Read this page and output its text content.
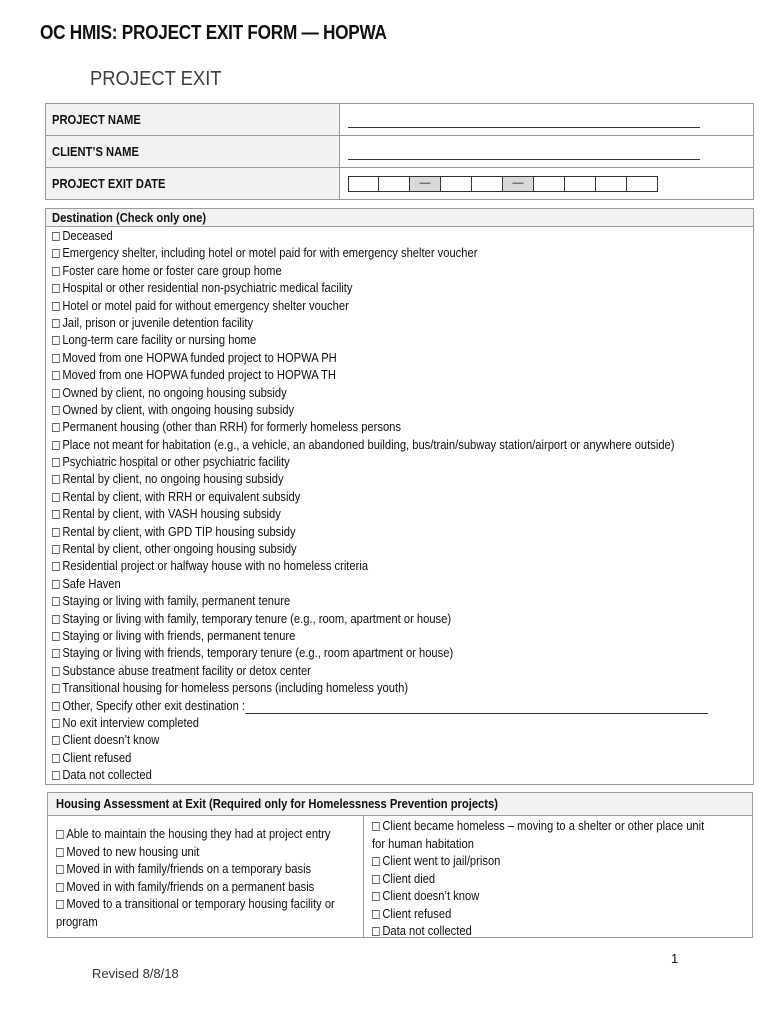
OC HMIS: PROJECT EXIT FORM — HOPWA
PROJECT EXIT
PROJECT NAME	

CLIENT’S NAME	

PROJECT EXIT DATE	— —
Destination (Check only one)
Deceased
Emergency shelter, including hotel or motel paid for with emergency shelter voucher
Foster care home or foster care group home
Hospital or other residential non-psychiatric medical facility
Hotel or motel paid for without emergency shelter voucher
Jail, prison or juvenile detention facility
Long-term care facility or nursing home
Moved from one HOPWA funded project to HOPWA PH
Moved from one HOPWA funded project to HOPWA TH
Owned by client, no ongoing housing subsidy
Owned by client, with ongoing housing subsidy
Permanent housing (other than RRH) for formerly homeless persons
Place not meant for habitation (e.g., a vehicle, an abandoned building, bus/train/subway station/airport or anywhere outside)
Psychiatric hospital or other psychiatric facility
Rental by client, no ongoing housing subsidy
Rental by client, with RRH or equivalent subsidy
Rental by client, with VASH housing subsidy
Rental by client, with GPD TIP housing subsidy
Rental by client, other ongoing housing subsidy
Residential project or halfway house with no homeless criteria
Safe Haven
Staying or living with family, permanent tenure
Staying or living with family, temporary tenure (e.g., room, apartment or house)
Staying or living with friends, permanent tenure
Staying or living with friends, temporary tenure (e.g., room apartment or house)
Substance abuse treatment facility or detox center
Transitional housing for homeless persons (including homeless youth)
Other, Specify other exit destination :
No exit interview completed
Client doesn’t know
Client refused
Data not collected
Housing Assessment at Exit (Required only for Homelessness Prevention projects)
Able to maintain the housing they had at project entry
Moved to new housing unit
Moved in with family/friends on a temporary basis
Moved in with family/friends on a permanent basis
Moved to a transitional or temporary housing facility or
program
Client became homeless – moving to a shelter or other place unit
for human habitation
Client went to jail/prison
Client died
Client doesn’t know
Client refused
Data not collected

1

Revised 8/8/18
